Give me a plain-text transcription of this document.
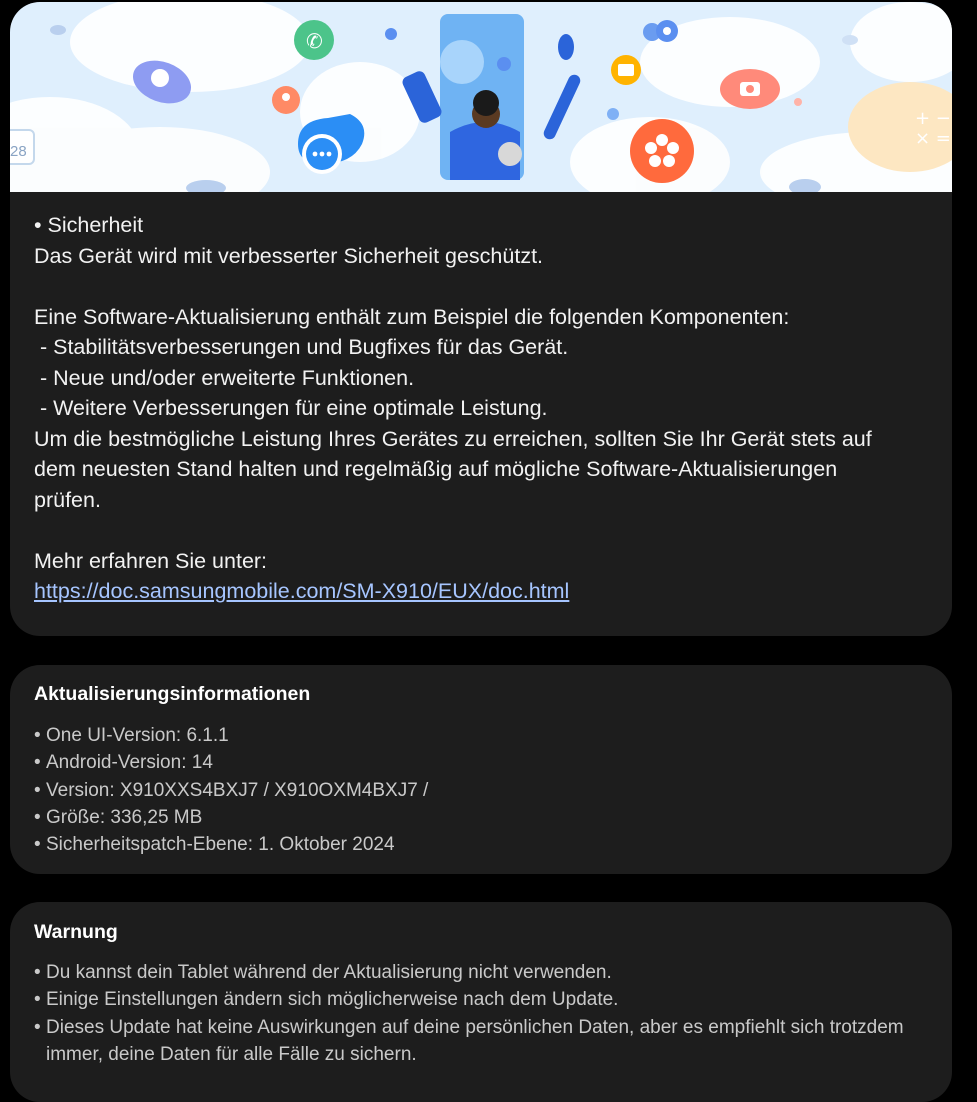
28
✆
+ −
× =

• Sicherheit

Das Gerät wird mit verbesserter Sicherheit geschützt.

Eine Software-Aktualisierung enthält zum Beispiel die folgenden Komponenten:

- Stabilitätsverbesserungen und Bugfixes für das Gerät.

- Neue und/oder erweiterte Funktionen.

- Weitere Verbesserungen für eine optimale Leistung.

Um die bestmögliche Leistung Ihres Gerätes zu erreichen, sollten Sie Ihr Gerät stets auf

dem neuesten Stand halten und regelmäßig auf mögliche Software-Aktualisierungen

prüfen.

Mehr erfahren Sie unter:

https://doc.samsungmobile.com/SM-X910/EUX/doc.html

Aktualisierungsinformationen
• One UI-Version: 6.1.1
• Android-Version: 14
• Version: X910XXS4BXJ7 / X910OXM4BXJ7 /
• Größe: 336,25 MB
• Sicherheitspatch-Ebene: 1. Oktober 2024
Warnung
• Du kannst dein Tablet während der Aktualisierung nicht verwenden.
• Einige Einstellungen ändern sich möglicherweise nach dem Update.
• Dieses Update hat keine Auswirkungen auf deine persönlichen Daten, aber es empfiehlt sich trotzdem immer, deine Daten für alle Fälle zu sichern.
